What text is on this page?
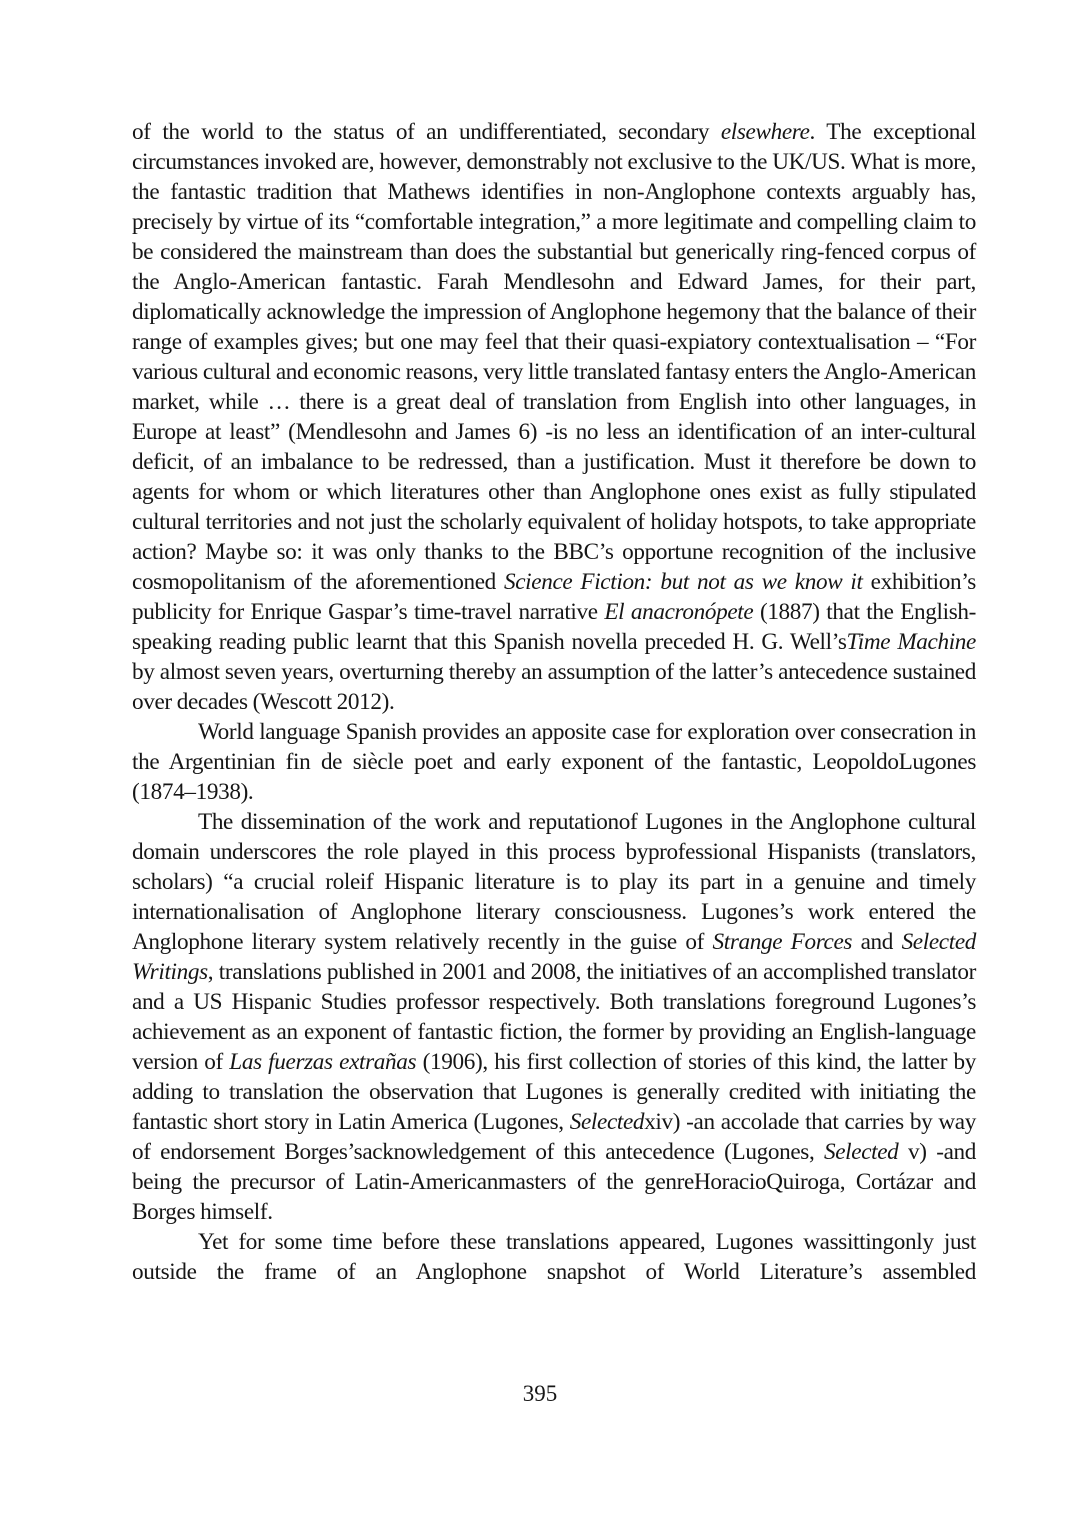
of the world to the status of an undifferentiated, secondary elsewhere. The exceptional circumstances invoked are, however, demonstrably not exclusive to the UK/US. What is more, the fantastic tradition that Mathews identifies in non-Anglophone contexts arguably has, precisely by virtue of its “comfortable integration,” a more legitimate and compelling claim to be considered the mainstream than does the substantial but generically ring-fenced corpus of the Anglo-American fantastic. Farah Mendlesohn and Edward James, for their part, diplomatically acknowledge the impression of Anglophone hegemony that the balance of their range of examples gives; but one may feel that their quasi-expiatory contextualisation – “For various cultural and economic reasons, very little translated fantasy enters the Anglo-American market, while … there is a great deal of translation from English into other languages, in Europe at least” (Mendlesohn and James 6) -is no less an identification of an inter-cultural deficit, of an imbalance to be redressed, than a justification. Must it therefore be down to agents for whom or which literatures other than Anglophone ones exist as fully stipulated cultural territories and not just the scholarly equivalent of holiday hotspots, to take appropriate action? Maybe so: it was only thanks to the BBC’s opportune recognition of the inclusive cosmopolitanism of the aforementioned Science Fiction: but not as we know it exhibition’s publicity for Enrique Gaspar’s time-travel narrative El anacronópete (1887) that the English-speaking reading public learnt that this Spanish novella preceded H. G. Well’sTime Machine by almost seven years, overturning thereby an assumption of the latter’s antecedence sustained over decades (Wescott 2012).

World language Spanish provides an apposite case for exploration over consecration in the Argentinian fin de siècle poet and early exponent of the fantastic, LeopoldoLugones (1874–1938).

The dissemination of the work and reputationof Lugones in the Anglophone cultural domain underscores the role played in this process byprofessional Hispanists (translators, scholars) “a crucial roleif Hispanic literature is to play its part in a genuine and timely internationalisation of Anglophone literary consciousness. Lugones’s work entered the Anglophone literary system relatively recently in the guise of Strange Forces and Selected Writings, translations published in 2001 and 2008, the initiatives of an accomplished translator and a US Hispanic Studies professor respectively. Both translations foreground Lugones’s achievement as an exponent of fantastic fiction, the former by providing an English-language version of Las fuerzas extrañas (1906), his first collection of stories of this kind, the latter by adding to translation the observation that Lugones is generally credited with initiating the fantastic short story in Latin America (Lugones, Selectedxiv) -an accolade that carries by way of endorsement Borges’sacknowledgement of this antecedence (Lugones, Selected v) -and being the precursor of Latin-Americanmasters of the genreHoracioQuiroga, Cortázar and Borges himself.

Yet for some time before these translations appeared, Lugones wassittingonly just outside the frame of an Anglophone snapshot of World Literature’s assembled

395
